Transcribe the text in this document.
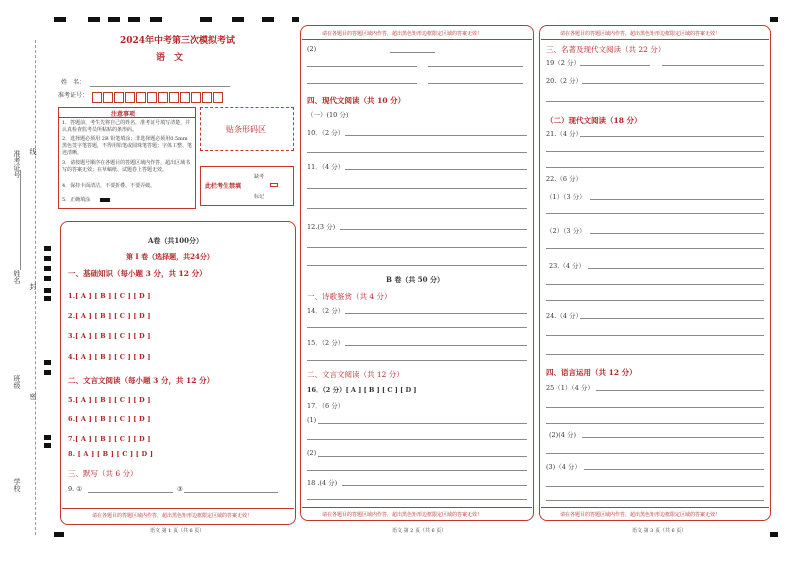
准考证号 线
姓名
封
班级
密
学校
2024年中考第三次模拟考试
语　文
姓　名：
准考证号：
注意事项
1．答题前，考生先将自己的姓名，准考证号填写清楚，并认真检查监考员所粘贴的条形码。
2．选择题必须用 2B 铅笔填涂；非选择题必须用0.5mm 黑色签字笔答题，不得用铅笔或圆珠笔答题；字体工整、笔迹清晰。
3．请按题号顺序在各题目的答题区域内作答，超出区域书写的答案无效；在草稿纸、试题卷上答题无效。
4．保持卡面清洁，不要折叠、不要弄破。
5．正确填涂
贴条形码区
此栏考生禁填
缺考
标记
A卷（共100分）
第 I 卷（选择题，共24分）
一、基础知识（每小题 3 分，共 12 分）
1.[ A ] [ B ] [ C ] [ D ]
2.[ A ] [ B ] [ C ] [ D ]
3.[ A ] [ B ] [ C ] [ D ]
4.[ A ] [ B ] [ C ] [ D ]
二、文言文阅读（每小题 3 分，共 12 分）
5.[ A ] [ B ] [ C ] [ D ]
6.[ A ] [ B ] [ C ] [ D ]
7.[ A ] [ B ] [ C ] [ D ]
8. [ A ] [ B ] [ C ] [ D ]
三、默写（共 6 分）
9. ①	③
请在各题目的答题区域内作答，超出黑色矩形边框限定区域的答案无效！
语文 第 1 页（共 6 页）
请在各题目的答题区域内作答，超出黑色矩形边框限定区域的答案无效！
(2)
四、现代文阅读（共 10 分）
（一）(10 分)
10．（2 分）
11．（4 分）
12.(3 分)
B 卷（共 50 分）
一、诗歌鉴赏（共 4 分）
14．（2 分）
15．（2 分）
二、文言文阅读（共 12 分）
16．（2 分）[ A ] [ B ] [ C ] [ D ]
17．（6 分）
(1)
(2)
18 .(4 分)
请在各题目的答题区域内作答，超出黑色矩形边框限定区域的答案无效！
语文 第 2 页（共 6 页）
请在各题目的答题区域内作答，超出黑色矩形边框限定区域的答案无效！
三、名著及现代文阅读（共 22 分）
19（2 分）
20.（2 分）
（二）现代文阅读（18 分）
21.（4 分）
22.（6 分）
（1）（3 分）
（2）（3 分）
23.（4 分）
24.（4 分）
四、语言运用（共 12 分）
25（1）（4 分）
(2)(4 分)
(3)（4 分）
请在各题目的答题区域内作答，超出黑色矩形边框限定区域的答案无效！
语文 第 3 页（共 6 页）
